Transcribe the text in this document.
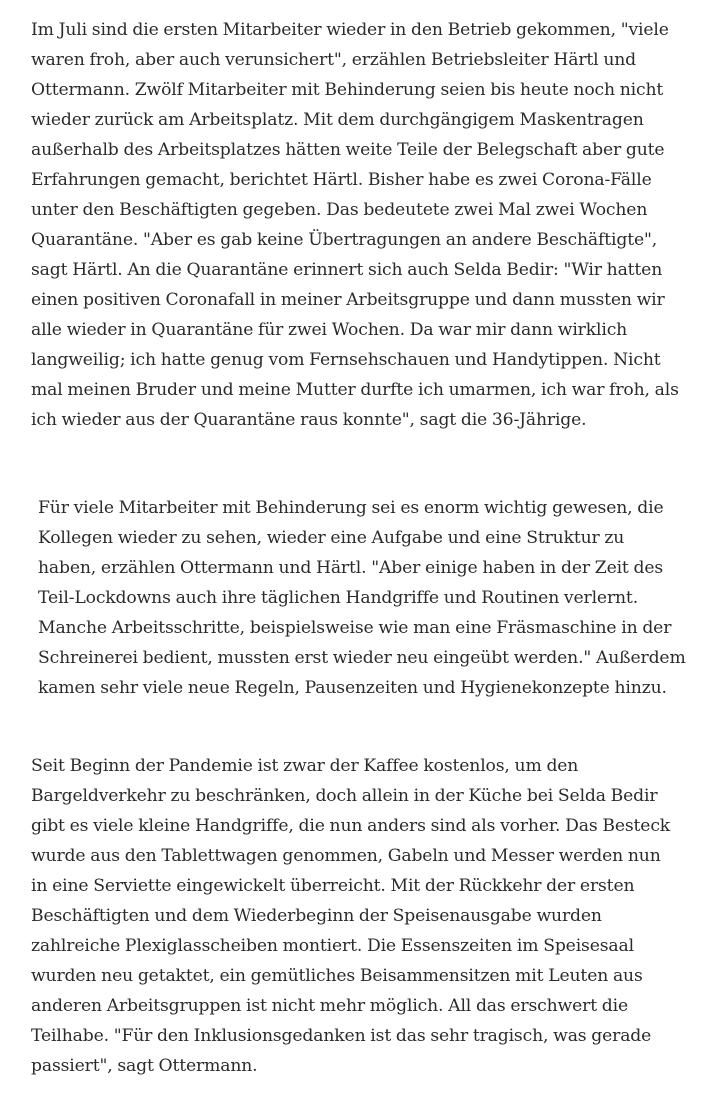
Im Juli sind die ersten Mitarbeiter wieder in den Betrieb gekommen, "viele waren froh, aber auch verunsichert", erzählen Betriebsleiter Härtl und Ottermann. Zwölf Mitarbeiter mit Behinderung seien bis heute noch nicht wieder zurück am Arbeitsplatz. Mit dem durchgängigem Maskentragen außerhalb des Arbeitsplatzes hätten weite Teile der Belegschaft aber gute Erfahrungen gemacht, berichtet Härtl. Bisher habe es zwei Corona-Fälle unter den Beschäftigten gegeben. Das bedeutete zwei Mal zwei Wochen Quarantäne. "Aber es gab keine Übertragungen an andere Beschäftigte", sagt Härtl. An die Quarantäne erinnert sich auch Selda Bedir: "Wir hatten einen positiven Coronafall in meiner Arbeitsgruppe und dann mussten wir alle wieder in Quarantäne für zwei Wochen. Da war mir dann wirklich langweilig; ich hatte genug vom Fernsehschauen und Handytippen. Nicht mal meinen Bruder und meine Mutter durfte ich umarmen, ich war froh, als ich wieder aus der Quarantäne raus konnte", sagt die 36-Jährige.

Für viele Mitarbeiter mit Behinderung sei es enorm wichtig gewesen, die Kollegen wieder zu sehen, wieder eine Aufgabe und eine Struktur zu haben, erzählen Ottermann und Härtl. "Aber einige haben in der Zeit des Teil-Lockdowns auch ihre täglichen Handgriffe und Routinen verlernt. Manche Arbeitsschritte, beispielsweise wie man eine Fräsmaschine in der Schreinerei bedient, mussten erst wieder neu eingeübt werden." Außerdem kamen sehr viele neue Regeln, Pausenzeiten und Hygienekonzepte hinzu.

Seit Beginn der Pandemie ist zwar der Kaffee kostenlos, um den Bargeldverkehr zu beschränken, doch allein in der Küche bei Selda Bedir gibt es viele kleine Handgriffe, die nun anders sind als vorher. Das Besteck wurde aus den Tablettwagen genommen, Gabeln und Messer werden nun in eine Serviette eingewickelt überreicht. Mit der Rückkehr der ersten Beschäftigten und dem Wiederbeginn der Speisenausgabe wurden zahlreiche Plexiglasscheiben montiert. Die Essenszeiten im Speisesaal wurden neu getaktet, ein gemütliches Beisammensitzen mit Leuten aus anderen Arbeitsgruppen ist nicht mehr möglich. All das erschwert die Teilhabe. "Für den Inklusionsgedanken ist das sehr tragisch, was gerade passiert", sagt Ottermann.
